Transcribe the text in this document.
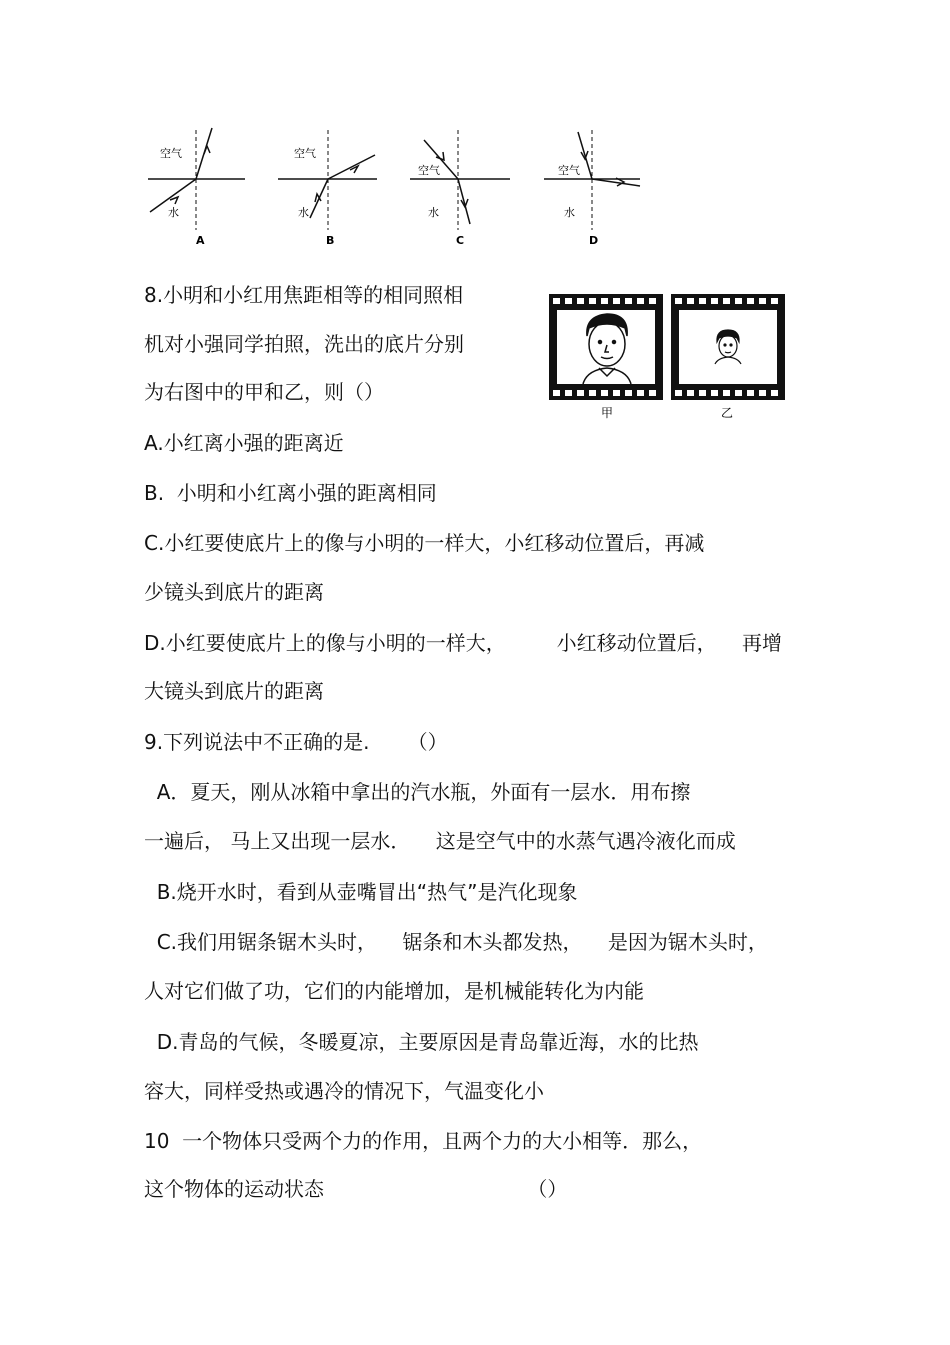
空气
水
A
空气
水
B
空气
水
C
空气
水
D
甲	乙
8.小明和小红用焦距相等的相同照相
机对小强同学拍照，洗出的底片分别
为右图中的甲和乙，则（）
A.小红离小强的距离近
B.  小明和小红离小强的距离相同
C.小红要使底片上的像与小明的一样大，小红移动位置后，再减
少镜头到底片的距离
D.小红要使底片上的像与小明的一样大，        小红移动位置后，    再增
大镜头到底片的距离
9.下列说法中不正确的是.      （）
A．夏天，刚从冰箱中拿出的汽水瓶，外面有一层水．用布擦
一遍后， 马上又出现一层水．    这是空气中的水蒸气遇冷液化而成
B.烧开水时，看到从壶嘴冒出“热气”是汽化现象
C.我们用锯条锯木头时，    锯条和木头都发热，    是因为锯木头时，
人对它们做了功，它们的内能增加，是机械能转化为内能
D.青岛的气候，冬暖夏凉，主要原因是青岛靠近海，水的比热
容大，同样受热或遇冷的情况下，气温变化小
10  一个物体只受两个力的作用，且两个力的大小相等．那么，
这个物体的运动状态                                （）
